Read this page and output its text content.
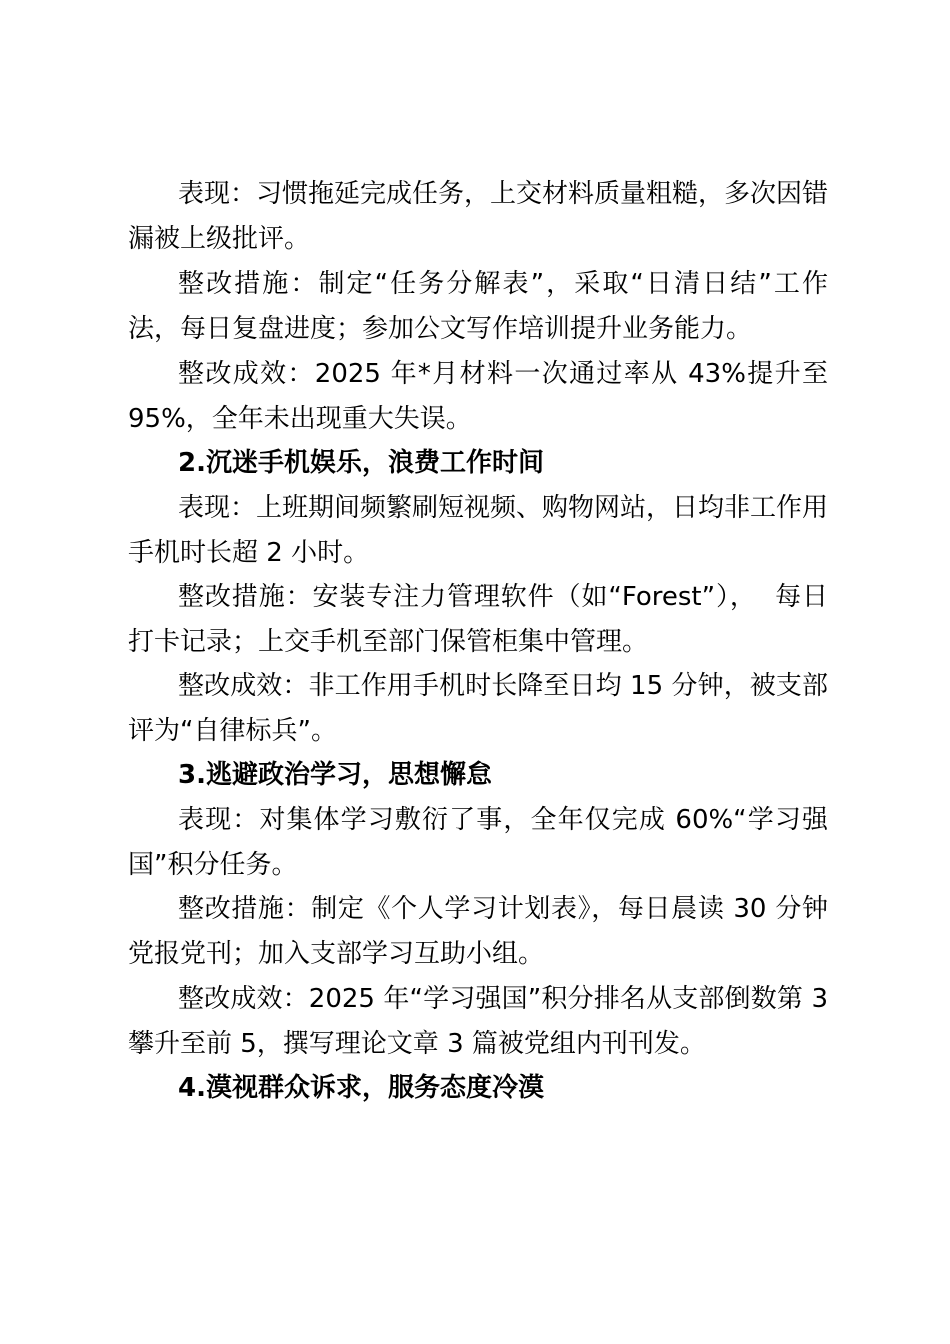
表现：习惯拖延完成任务，上交材料质量粗糙，多次因错漏被上级批评。

整改措施：制定“任务分解表”，采取“日清日结”工作法，每日复盘进度；参加公文写作培训提升业务能力。

整改成效：2025 年*月材料一次通过率从 43%提升至 95%，全年未出现重大失误。

2.沉迷手机娱乐，浪费工作时间

表现：上班期间频繁刷短视频、购物网站，日均非工作用手机时长超 2 小时。

整改措施：安装专注力管理软件（如“Forest”），  每日打卡记录；上交手机至部门保管柜集中管理。

整改成效：非工作用手机时长降至日均 15 分钟，被支部评为“自律标兵”。

3.逃避政治学习，思想懈怠

表现：对集体学习敷衍了事，全年仅完成 60%“学习强国”积分任务。

整改措施：制定《个人学习计划表》，每日晨读 30 分钟党报党刊；加入支部学习互助小组。

整改成效：2025 年“学习强国”积分排名从支部倒数第 3 攀升至前 5，撰写理论文章 3 篇被党组内刊刊发。

4.漠视群众诉求，服务态度冷漠
